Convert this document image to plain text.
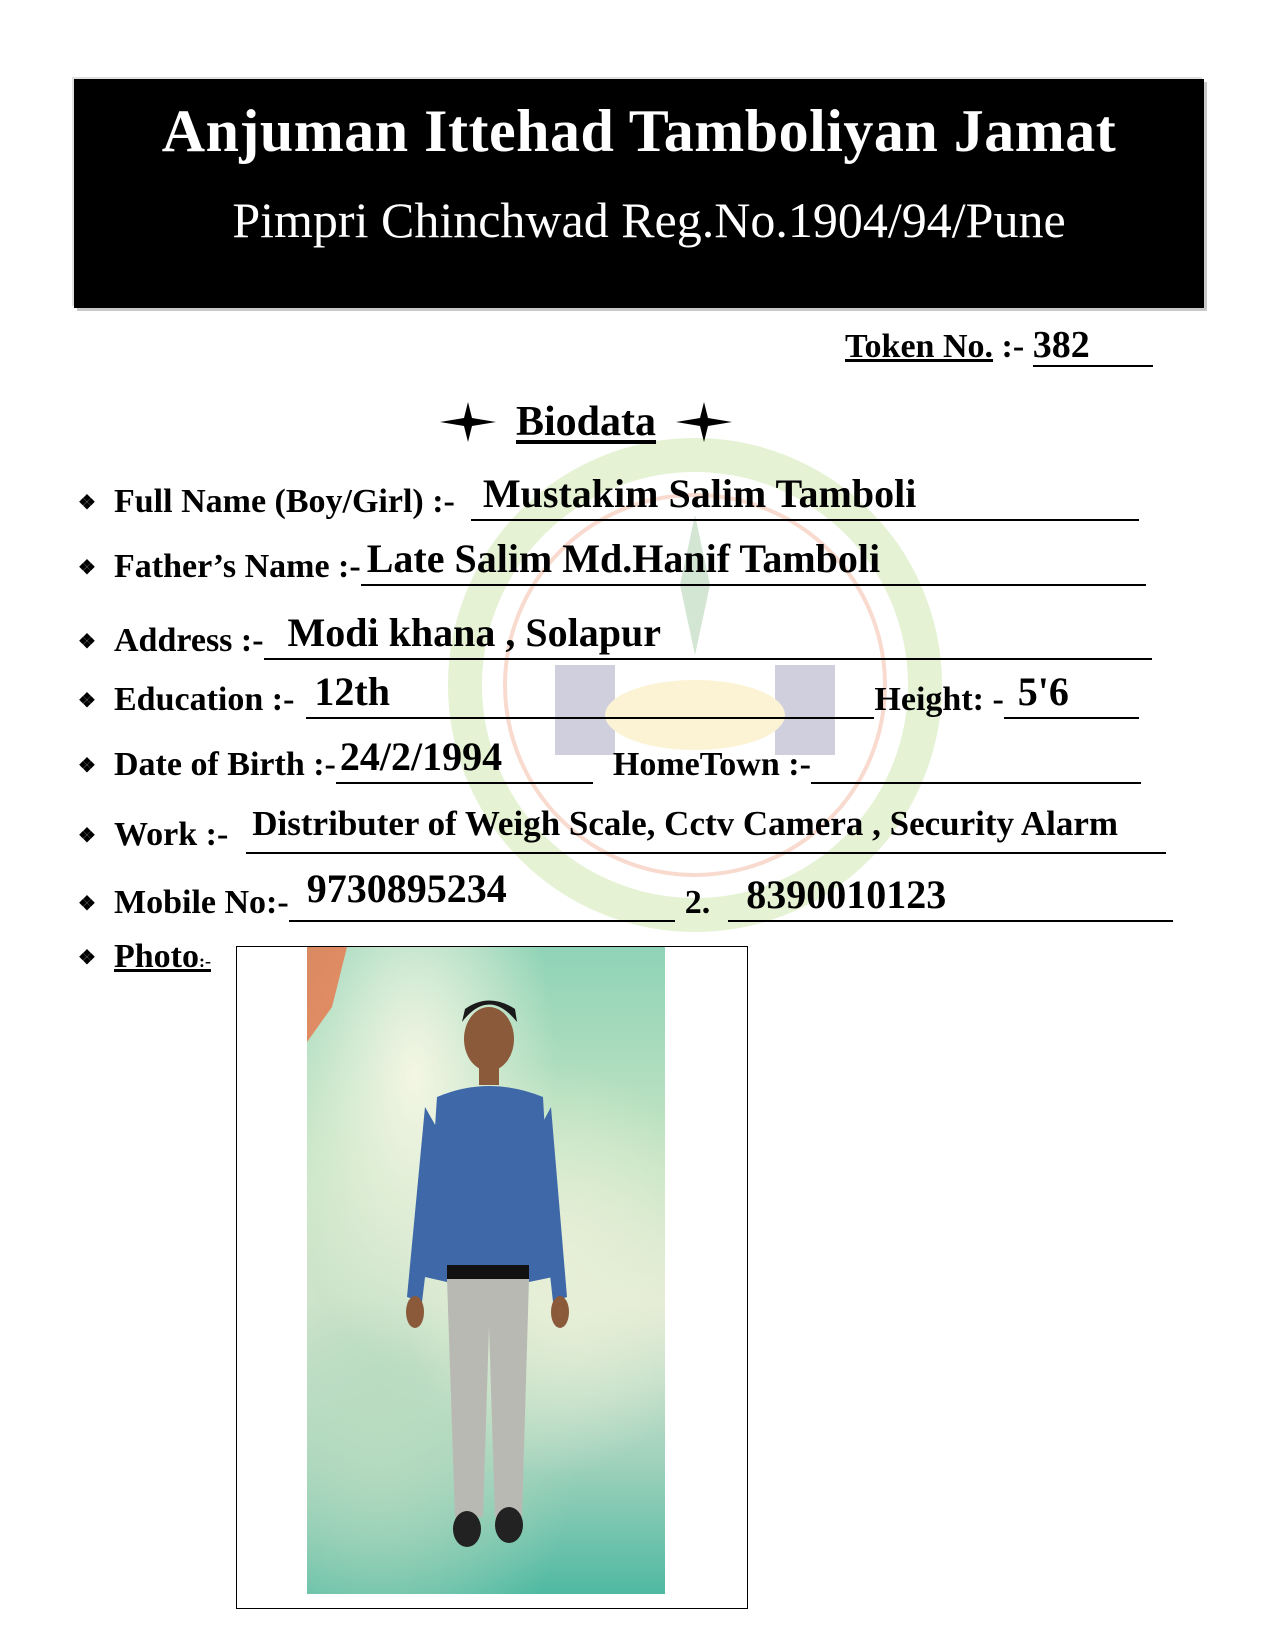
Anjuman Ittehad Tamboliyan Jamat
Pimpri Chinchwad Reg.No.1904/94/Pune
Token No. :- 382
Biodata
❖ Full Name (Boy/Girl) :- Mustakim Salim Tamboli
❖ Father’s Name :- Late Salim Md.Hanif Tamboli
❖ Address :- Modi khana , Solapur
❖ Education :- 12th	Height: - 5'6
❖ Date of Birth :- 24/2/1994	HomeTown :-
❖ Work :- Distributer of Weigh Scale, Cctv Camera , Security Alarm
❖ Mobile No:- 9730895234	2. 8390010123
❖ Photo:-
